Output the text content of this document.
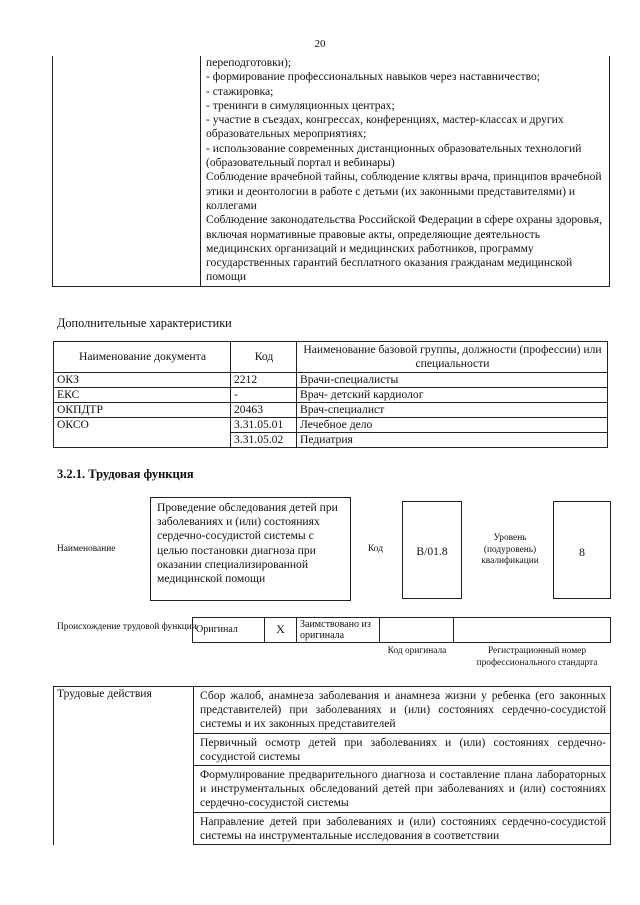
20

переподготовки);
- формирование профессиональных навыков через наставничество;
- стажировка;
- тренинги в симуляционных центрах;
- участие в съездах, конгрессах, конференциях, мастер-классах и других образовательных мероприятиях;
- использование современных дистанционных образовательных технологий (образовательный портал и вебинары)
Соблюдение врачебной тайны, соблюдение клятвы врача, принципов врачебной этики и деонтологии в работе с детьми (их законными представителями) и коллегами
Соблюдение законодательства Российской Федерации в сфере охраны здоровья, включая нормативные правовые акты, определяющие деятельность медицинских организаций и медицинских работников, программу государственных гарантий бесплатного оказания гражданам медицинской помощи
Дополнительные характеристики
Наименование документа	Код	Наименование базовой группы, должности (профессии) или специальности
ОКЗ	2212	Врачи-специалисты
ЕКС	-	Врач- детский кардиолог
ОКПДТР	20463	Врач-специалист
ОКСО	3.31.05.01	Лечебное дело
	3.31.05.02	Педиатрия
3.2.1. Трудовая функция
Наименование
Проведение обследования детей при заболеваниях и (или) состояниях сердечно-сосудистой системы с целью постановки диагноза при оказании специализированной медицинской помощи
Код	B/01.8
Уровень (подуровень) квалификации
8
Происхождение трудовой функции Оригинал	X	Заимствовано из оригинала		
Код оригинала	Регистрационный номер профессионального стандарта
Трудовые действия	Сбор жалоб, анамнеза заболевания и анамнеза жизни у ребенка (его законных представителей) при заболеваниях и (или) состояниях сердечно-сосудистой системы и их законных представителей
Первичный осмотр детей при заболеваниях и (или) состояниях сердечно-сосудистой системы
Формулирование предварительного диагноза и составление плана лабораторных и инструментальных обследований детей при заболеваниях и (или) состояниях сердечно-сосудистой системы
Направление детей при заболеваниях и (или) состояниях сердечно-сосудистой системы на инструментальные исследования в соответствии
